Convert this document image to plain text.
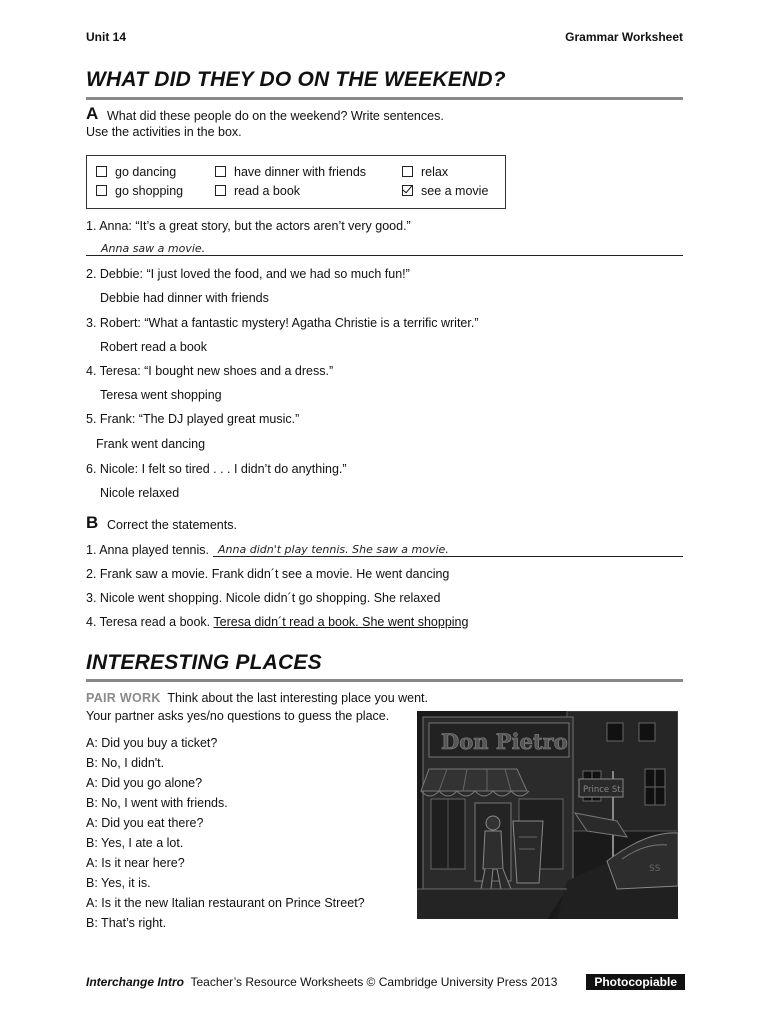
Unit 14	Grammar Worksheet
WHAT DID THEY DO ON THE WEEKEND?
A What did these people do on the weekend? Write sentences.
Use the activities in the box.
go dancing
go shopping
have dinner with friends
read a book
relax
see a movie
1. Anna: “It’s a great story, but the actors aren’t very good.”
Anna saw a movie.
2. Debbie: “I just loved the food, and we had so much fun!”
Debbie had dinner with friends
3. Robert: “What a fantastic mystery! Agatha Christie is a terrific writer.”
Robert read a book
4. Teresa: “I bought new shoes and a dress.”
Teresa went shopping
5. Frank: “The DJ played great music.”
Frank went dancing
6. Nicole: I felt so tired . . . I didn’t do anything.”
Nicole relaxed
B Correct the statements.
1. Anna played tennis. Anna didn't play tennis. She saw a movie.
2. Frank saw a movie. Frank didn´t see a movie. He went dancing
3. Nicole went shopping. Nicole didn´t go shopping. She relaxed
4. Teresa read a book. Teresa didn´t read a book. She went shopping
INTERESTING PLACES
PAIR WORK Think about the last interesting place you went.
Your partner asks yes/no questions to guess the place.
A: Did you buy a ticket?
B: No, I didn't.
A: Did you go alone?
B: No, I went with friends.
A: Did you eat there?
B: Yes, I ate a lot.
A: Is it near here?
B: Yes, it is.
A: Is it the new Italian restaurant on Prince Street?
B: That’s right.
Don Pietro
Prince St.
SS
Interchange Intro Teacher’s Resource Worksheets © Cambridge University Press 2013	Photocopiable
